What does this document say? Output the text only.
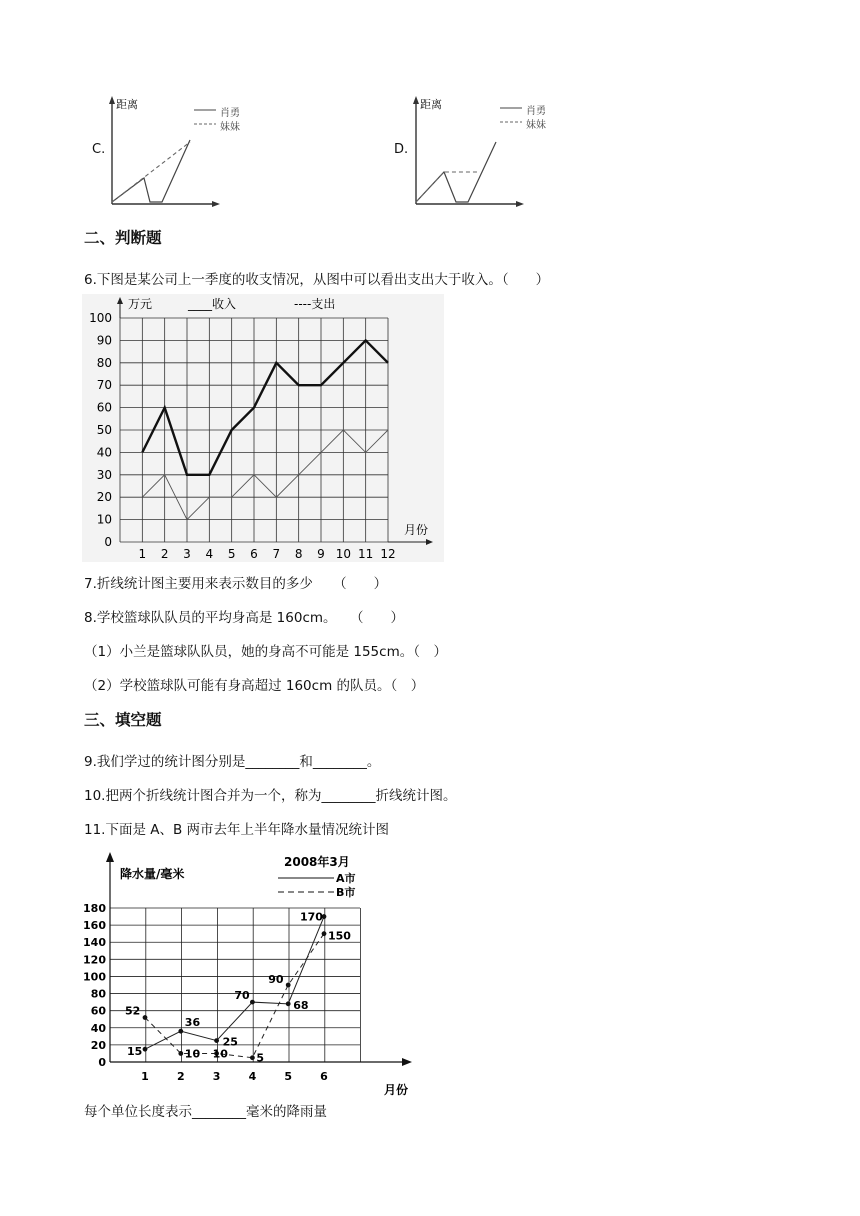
C.
距离
肖勇
妹妹
D.
距离
肖勇
妹妹
二、判断题
6.下图是某公司上一季度的收支情况，从图中可以看出支出大于收入。（　　）
0
10
20
30
40
50
60
70
80
90
100
1 2 3 4 5 6 7 8 9 10 11 12
万元
月份
____收入	----支出
7.折线统计图主要用来表示数目的多少　　（　　）
8.学校篮球队队员的平均身高是 160cm。　　（　　）
（1）小兰是篮球队队员，她的身高不可能是 155cm。（　）
（2）学校篮球队可能有身高超过 160cm 的队员。（　）
三、填空题
9.我们学过的统计图分别是________和________。
10.把两个折线统计图合并为一个，称为________折线统计图。
11.下面是 A、B 两市去年上半年降水量情况统计图
0
20
40
60
80
100
120
140
160
180
1	2	3	4	5	6
降水量/毫米
月份
2008年3月
A市
B市
15
36
25
70
68
170
52
10 10	5
90
150
每个单位长度表示________毫米的降雨量
